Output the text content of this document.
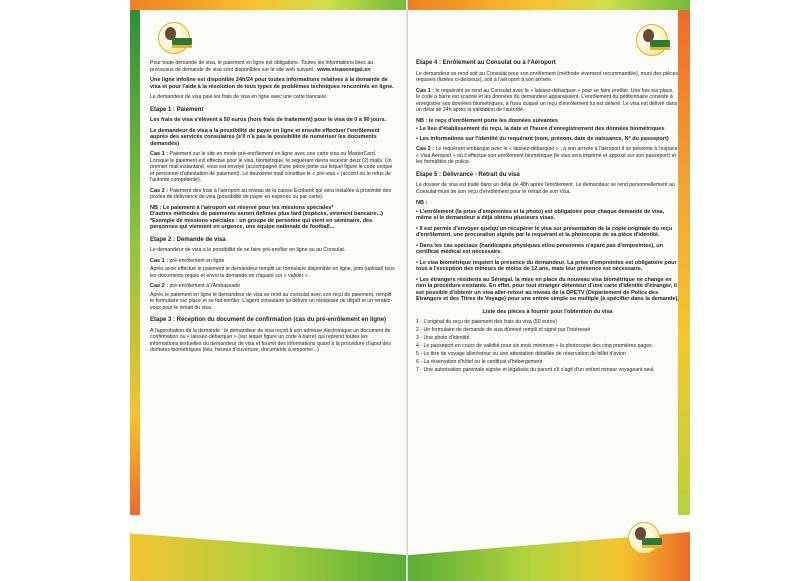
Pour toute demande de visa, le paiement en ligne est obligatoire. Toutes les informations liées au processus de demande de visa sont disponibles sur le site web suivant : www.visasenegal.sn

Une ligne infoline est disponible 24h/24 pour toutes informations relatives à la demande de visa et pour l'aide à la résolution de tous types de problèmes techniques rencontrés en ligne.

Le demandeur de visa paie les frais de visa en ligne avec une carte bancaire.

Etape 1 : Paiement

Les frais de visa s'élèvent à 50 euros (hors frais de traitement) pour le visa de 0 à 90 jours.

Le demandeur de visa a la possibilité de payer en ligne et ensuite effectuer l'enrôlement auprès des services consulaires (s'il n'a pas la possibilité de numériser les documents demandés)

Cas 1 : Paiement sur le site en mode pré-enrôlement en ligne avec une carte visa ou MasterCard. Lorsque le paiement est effectué pour le visa, biométrique, le requérant devra recevoir deux (2) mails. Un premier mail instantané, vous est envoyé (accompagné d'une pièce jointe sur lequel figure le code unique et personnel d'attestation de paiement). Le deuxième mail constitue le « pré-visa » (accord ou le refus de l'autorité compétente).

Cas 2 : Paiement des frais à l'aéroport au niveau de la caisse Ecobank qui sera installée à proximité des postes de délivrance de visa (possibilité de payer en espèces ou par carte).

NB : Le paiement à l'aéroport est réservé pour les missions spéciales*

D'autres méthodes de paiements seront définies plus tard (espèces, virement bancaire...)

*Exemple de missions spéciales : un groupe de personne qui vient en séminaire, des personnes qui viennent en urgence, une équipe nationale de football...

Etape 2 : Demande de visa

Le demandeur de visa a la possibilité de se faire pré-enrôler en ligne ou au Consulat.

Cas 1 : pré-enrôlement en ligne

Après avoir effectué le paiement le demandeur remplit un formulaire disponible en ligne, joint (upload) tous les documents requis et envoi la demande en cliquant sur « valider ».

Cas 2 : pré-enrôlement à l'Ambassade

Après le paiement en ligne le demandeur de visa se rend au consulat avec son reçu de paiement, remplit le formulaire sur place et se fait enrôler. L'agent consulaire lui délivre un récépissé de dépôt et un rendez-vous pour le retrait du visa.

Etape 3 : Réception du document de confirmation (cas du pré-enrôlement en ligne)

A l'approbation de la demande : le demandeur de visa reçoit à son adresse électronique un document de confirmation ou « laissez-débarquer » (sur lequel figure un code à barre) qui reprend toutes les informations textuelles du demandeur de visa et fournit des informations quant à la procédure d'ajout des données biométriques (lieu, heures d'ouverture, documents à emporter...)

Etape 4 : Enrôlement au Consulat ou à l'Aéroport

Le demandeur se rend soit au Consulat pour son enrôlement (méthode vivement recommandée), muni des pièces requises (listées ci-dessous), soit à l'aéroport à son arrivée.

Cas 1 : le requérant se rend au Consulat avec le « laissez-débarquer » pour se faire enrôler. Une fois sur place, le code à barre est scanné et les données du demandeur apparaissent. L'enrôlement du pétitionnaire consiste à enregistrer ses données biométriques, à l'issu duquel un reçu d'enrôlement lui est délivré. Le visa est délivré dans un délai de 24h après la validation de l'autorité.

NB : le reçu d'enrôlement porte les données suivantes

• Le lieu d'établissement du reçu, la date et l'heure d'enregistrement des données biométriques

• Les informations sur l'identité du requérant (nom, prénom, date de naissance, N° du passeport)

Cas 2 : Le requérant embarque avec le « laissez-débarquer » ; à son arrivée à l'aéroport il se présente à l'espace « Visa Aéroport » où il effectue son enrôlement biométrique (le visa sera imprimé et apposé sur son passeport) et les formalités de police.

Etape 5 : Délivrance - Retrait du visa

Le dossier de visa est traité dans un délai de 48h après l'enrôlement. Le demandeur se rend personnellement au Consulat muni de son reçu d'enrôlement pour le retrait de son Visa.

NB :

• L'enrôlement (la prise d'empreintes et la photo) est obligatoire pour chaque demande de visa, même si le demandeur a déjà obtenu plusieurs visas.

• Il est permis d'envoyer quelqu'un récupérer le visa sur présentation de la copie originale du reçu d'enrôlement, une procuration signée par le requérant et la photocopie de sa pièce d'identité.

• Dans les cas spéciaux (handicapés physiques et/ou personnes n'ayant pas d'empreintes), un certificat médical est nécessaire.

• Le visa biométrique requiert la présence du demandeur. La prise d'empreintes est obligatoire pour tous à l'exception des mineurs de moins de 12 ans, mais leur présence est nécessaire.

• Les étrangers résidents au Sénégal, la mise en place du nouveau visa biométrique ne change en rien la procédure existante. En effet, pour tout étranger détenteur d'une carte d'identité d'étranger, il est possible d'obtenir un visa aller-retour au niveau de la DPETV (Département de Police des Etrangers et des Titres de Voyage) pour une entrée simple ou multiple (à spécifier dans la demande).

Liste des pièces à fournir pour l'obtention du visa

1 - L'original du reçu de paiement des frais du visa (50 euros)

2 - Un formulaire de demande de visa dûment rempli et signé par l'intéressé

3 - Une photo d'identité

4 - Le passeport en cours de validité pour six mois minimum + la photocopie des cinq premières pages.

5 - Le titre de voyage aller/retour ou une attestation détaillée de réservation de billet d'avion

6 - La réservation d'hôtel ou le certificat d'hébergement

7 - Une autorisation parentale signée et légalisée du parent s'il s'agit d'un enfant mineur voyageant seul.
